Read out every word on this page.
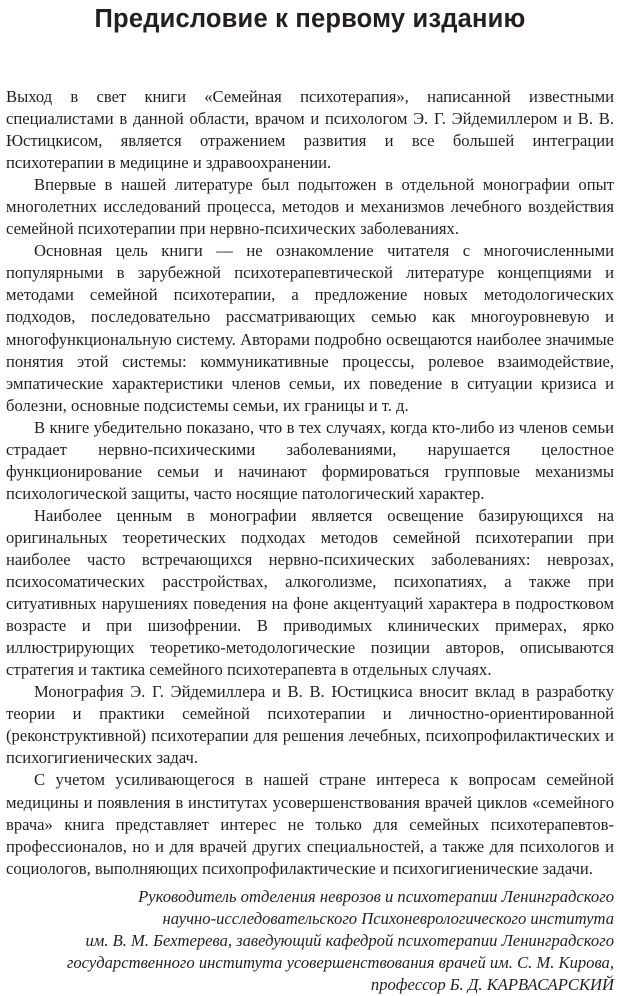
Предисловие к первому изданию

Выход в свет книги «Семейная психотерапия», написанной известными специалистами в данной области, врачом и психологом Э. Г. Эйдемиллером и В. В. Юстицкисом, является отражением развития и все большей интеграции психотерапии в медицине и здравоохранении.

Впервые в нашей литературе был подытожен в отдельной монографии опыт многолетних исследований процесса, методов и механизмов лечебного воздействия семейной психотерапии при нервно-психических заболеваниях.

Основная цель книги — не ознакомление читателя с многочисленными популярными в зарубежной психотерапевтической литературе концепциями и методами семейной психотерапии, а предложение новых методологических подходов, последовательно рассматривающих семью как многоуровневую и многофункциональную систему. Авторами подробно освещаются наиболее значимые понятия этой системы: коммуникативные процессы, ролевое взаимодействие, эмпатические характеристики членов семьи, их поведение в ситуации кризиса и болезни, основные подсистемы семьи, их границы и т. д.

В книге убедительно показано, что в тех случаях, когда кто-либо из членов семьи страдает нервно-психическими заболеваниями, нарушается целостное функционирование семьи и начинают формироваться групповые механизмы психологической защиты, часто носящие патологический характер.

Наиболее ценным в монографии является освещение базирующихся на оригинальных теоретических подходах методов семейной психотерапии при наиболее часто встречающихся нервно-психических заболеваниях: неврозах, психосоматических расстройствах, алкоголизме, психопатиях, а также при ситуативных нарушениях поведения на фоне акцентуаций характера в подростковом возрасте и при шизофрении. В приводимых клинических примерах, ярко иллюстрирующих теоретико-методологические позиции авторов, описываются стратегия и тактика семейного психотерапевта в отдельных случаях.

Монография Э. Г. Эйдемиллера и В. В. Юстицкиса вносит вклад в разработку теории и практики семейной психотерапии и личностно-ориентированной (реконструктивной) психотерапии для решения лечебных, психопрофилактических и психогигиенических задач.

С учетом усиливающегося в нашей стране интереса к вопросам семейной медицины и появления в институтах усовершенствования врачей циклов «семейного врача» книга представляет интерес не только для семейных психотерапевтов-профессионалов, но и для врачей других специальностей, а также для психологов и социологов, выполняющих психопрофилактические и психогигиенические задачи.

Руководитель отделения неврозов и психотерапии Ленинградского
научно-исследовательского Психоневрологического института
им. В. М. Бехтерева, заведующий кафедрой психотерапии Ленинградского
государственного института усовершенствования врачей им. С. М. Кирова,
профессор Б. Д. КАРВАСАРСКИЙ
